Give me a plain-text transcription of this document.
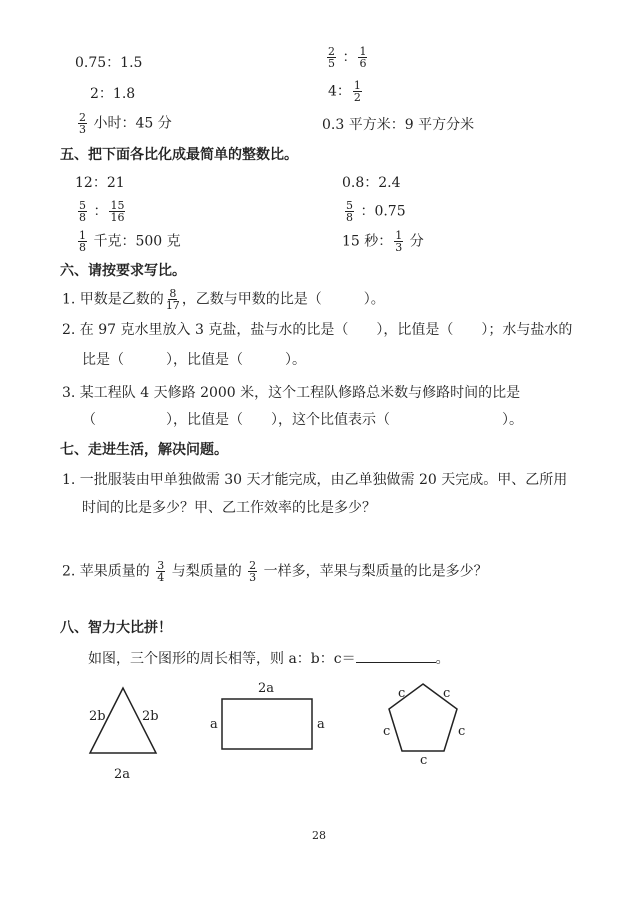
0.75：1.5	$\frac{2}{5}$ ： $\frac{1}{6}$
2：1.8	4： $\frac{1}{2}$
$\frac{2}{3}$ 小时：45 分	0.3 平方米：9 平方分米
五、把下面各比化成最简单的整数比。
12：21	0.8：2.4
$\frac{5}{8}$ ： $\frac{15}{16}$	$\frac{5}{8}$ ：0.75
$\frac{1}{8}$ 千克：500 克	15 秒： $\frac{1}{3}$ 分
六、请按要求写比。
1. 甲数是乙数的 $\frac{8}{17}$ ，乙数与甲数的比是（　　　）。
2. 在 97 克水里放入 3 克盐，盐与水的比是（　　），比值是（　　）；水与盐水的
比是（　　　），比值是（　　　）。
3. 某工程队 4 天修路 2000 米，这个工程队修路总米数与修路时间的比是
（　　　　　），比值是（　　），这个比值表示（　　　　　　　　）。
七、走进生活，解决问题。
1. 一批服装由甲单独做需 30 天才能完成，由乙单独做需 20 天完成。甲、乙所用
时间的比是多少？甲、乙工作效率的比是多少？
2. 苹果质量的 $\frac{3}{4}$ 与梨质量的 $\frac{2}{3}$ 一样多，苹果与梨质量的比是多少？
八、智力大比拼！
如图，三个图形的周长相等，则 a：b：c＝	。
2b	2b
2a
2a
a	a
c	c
c	c
c
28
